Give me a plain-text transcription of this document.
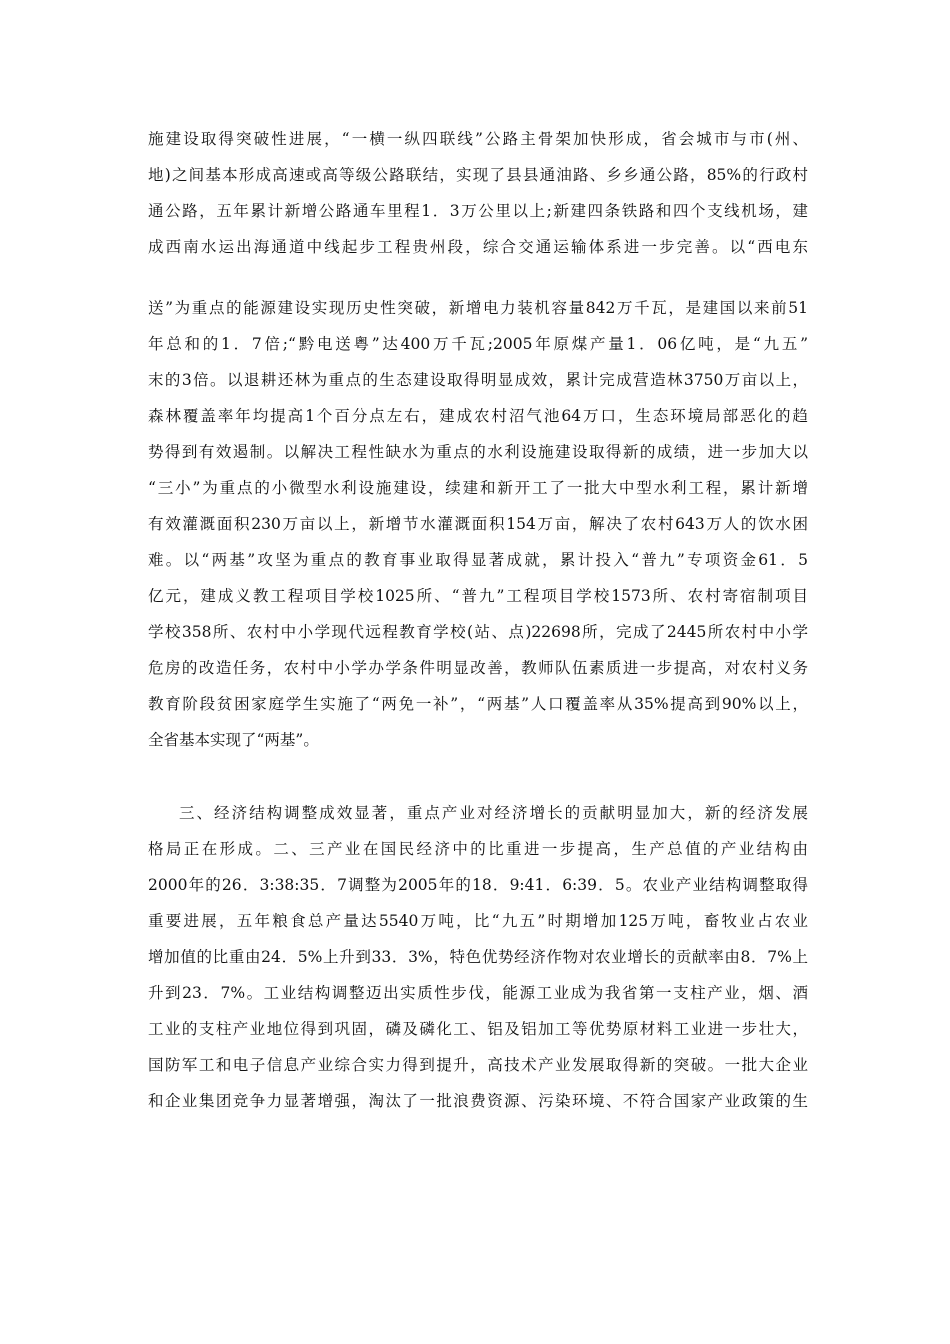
施建设取得突破性进展，“一横一纵四联线”公路主骨架加快形成，省会城市与市(州、
地)之间基本形成高速或高等级公路联结，实现了县县通油路、乡乡通公路，85%的行政村
通公路，五年累计新增公路通车里程1．3万公里以上;新建四条铁路和四个支线机场，建
成西南水运出海通道中线起步工程贵州段，综合交通运输体系进一步完善。以“西电东
送”为重点的能源建设实现历史性突破，新增电力装机容量842万千瓦，是建国以来前51
年总和的1．7倍;“黔电送粤”达400万千瓦;2005年原煤产量1．06亿吨，是“九五”
末的3倍。以退耕还林为重点的生态建设取得明显成效，累计完成营造林3750万亩以上，
森林覆盖率年均提高1个百分点左右，建成农村沼气池64万口，生态环境局部恶化的趋
势得到有效遏制。以解决工程性缺水为重点的水利设施建设取得新的成绩，进一步加大以
“三小”为重点的小微型水利设施建设，续建和新开工了一批大中型水利工程，累计新增
有效灌溉面积230万亩以上，新增节水灌溉面积154万亩，解决了农村643万人的饮水困
难。以“两基”攻坚为重点的教育事业取得显著成就，累计投入“普九”专项资金61．5
亿元，建成义教工程项目学校1025所、“普九”工程项目学校1573所、农村寄宿制项目
学校358所、农村中小学现代远程教育学校(站、点)22698所，完成了2445所农村中小学
危房的改造任务，农村中小学办学条件明显改善，教师队伍素质进一步提高，对农村义务
教育阶段贫困家庭学生实施了“两免一补”，“两基”人口覆盖率从35%提高到90%以上，
全省基本实现了“两基”。
三、经济结构调整成效显著，重点产业对经济增长的贡献明显加大，新的经济发展
格局正在形成。二、三产业在国民经济中的比重进一步提高，生产总值的产业结构由
2000年的26．3:38:35．7调整为2005年的18．9:41．6:39．5。农业产业结构调整取得
重要进展，五年粮食总产量达5540万吨，比“九五”时期增加125万吨，畜牧业占农业
增加值的比重由24．5%上升到33．3%，特色优势经济作物对农业增长的贡献率由8．7%上
升到23．7%。工业结构调整迈出实质性步伐，能源工业成为我省第一支柱产业，烟、酒
工业的支柱产业地位得到巩固，磷及磷化工、铝及铝加工等优势原材料工业进一步壮大，
国防军工和电子信息产业综合实力得到提升，高技术产业发展取得新的突破。一批大企业
和企业集团竞争力显著增强，淘汰了一批浪费资源、污染环境、不符合国家产业政策的生
